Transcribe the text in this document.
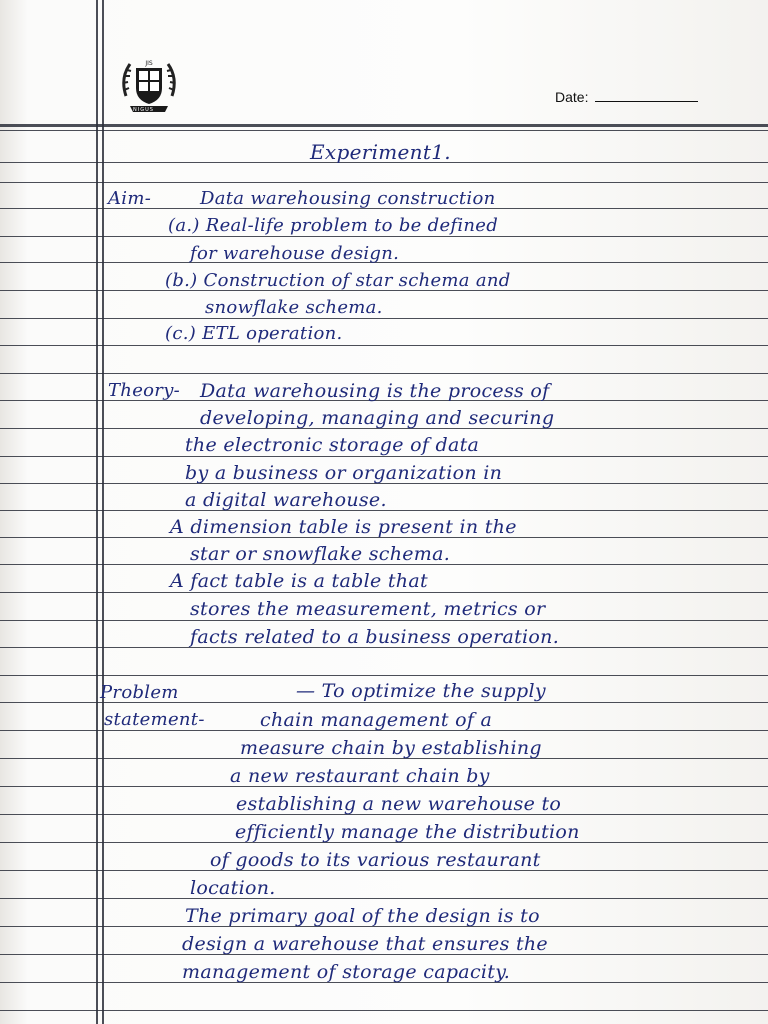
JIS
NIGUS
Date:
Experiment1.
Aim-	Data warehousing construction
(a.) Real-life problem to be defined
for warehouse design.
(b.) Construction of star schema and
snowflake schema.
(c.) ETL operation.
Theory- Data warehousing is the process of
developing, managing and securing
the electronic storage of data
by a business or organization in
a digital warehouse.
A dimension table is present in the
star or snowflake schema.
A fact table is a table that
stores the measurement, metrics or
facts related to a business operation.
Problem
statement-
— To optimize the supply
chain management of a
measure chain by establishing
a new restaurant chain by
establishing a new warehouse to
efficiently manage the distribution
of goods to its various restaurant
location.
The primary goal of the design is to
design a warehouse that ensures the
management of storage capacity.
